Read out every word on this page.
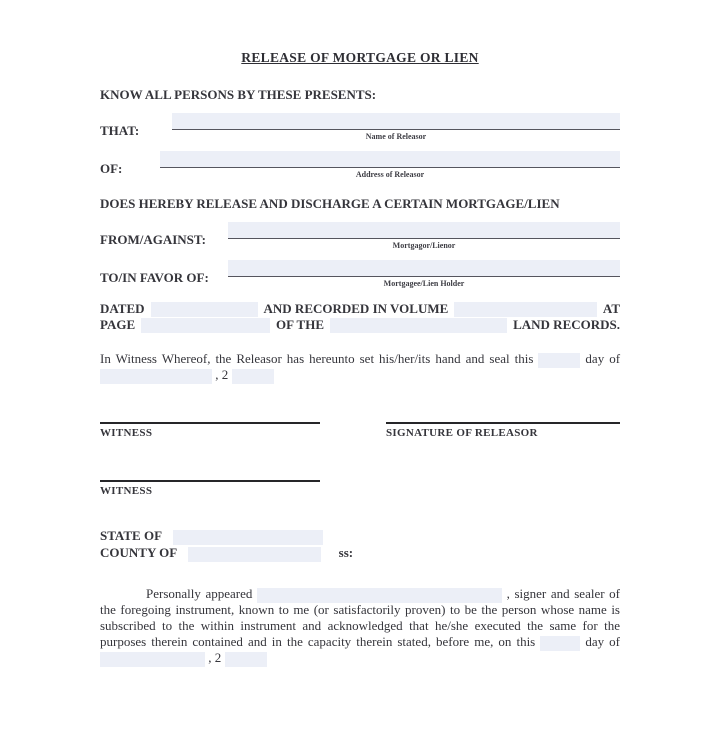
RELEASE OF MORTGAGE OR LIEN
KNOW ALL PERSONS BY THESE PRESENTS:
THAT:	Name of Releasor
OF:	Address of Releasor
DOES HEREBY RELEASE AND DISCHARGE A CERTAIN MORTGAGE/LIEN
FROM/AGAINST:	Mortgagor/Lienor
TO/IN FAVOR OF:	Mortgagee/Lien Holder
DATED	AND RECORDED IN VOLUME	AT
PAGE	OF THE	LAND RECORDS.
In Witness Whereof, the Releasor has hereunto set his/her/its hand and seal this	day of
, 2
WITNESS	SIGNATURE OF RELEASOR
WITNESS
STATE OF
COUNTY OF	ss:
Personally appeared	, signer and sealer of
the foregoing instrument, known to me (or satisfactorily proven) to be the person whose name is
subscribed to the within instrument and acknowledged that he/she executed the same for the
purposes therein contained and in the capacity therein stated, before me, on this	day of
, 2
